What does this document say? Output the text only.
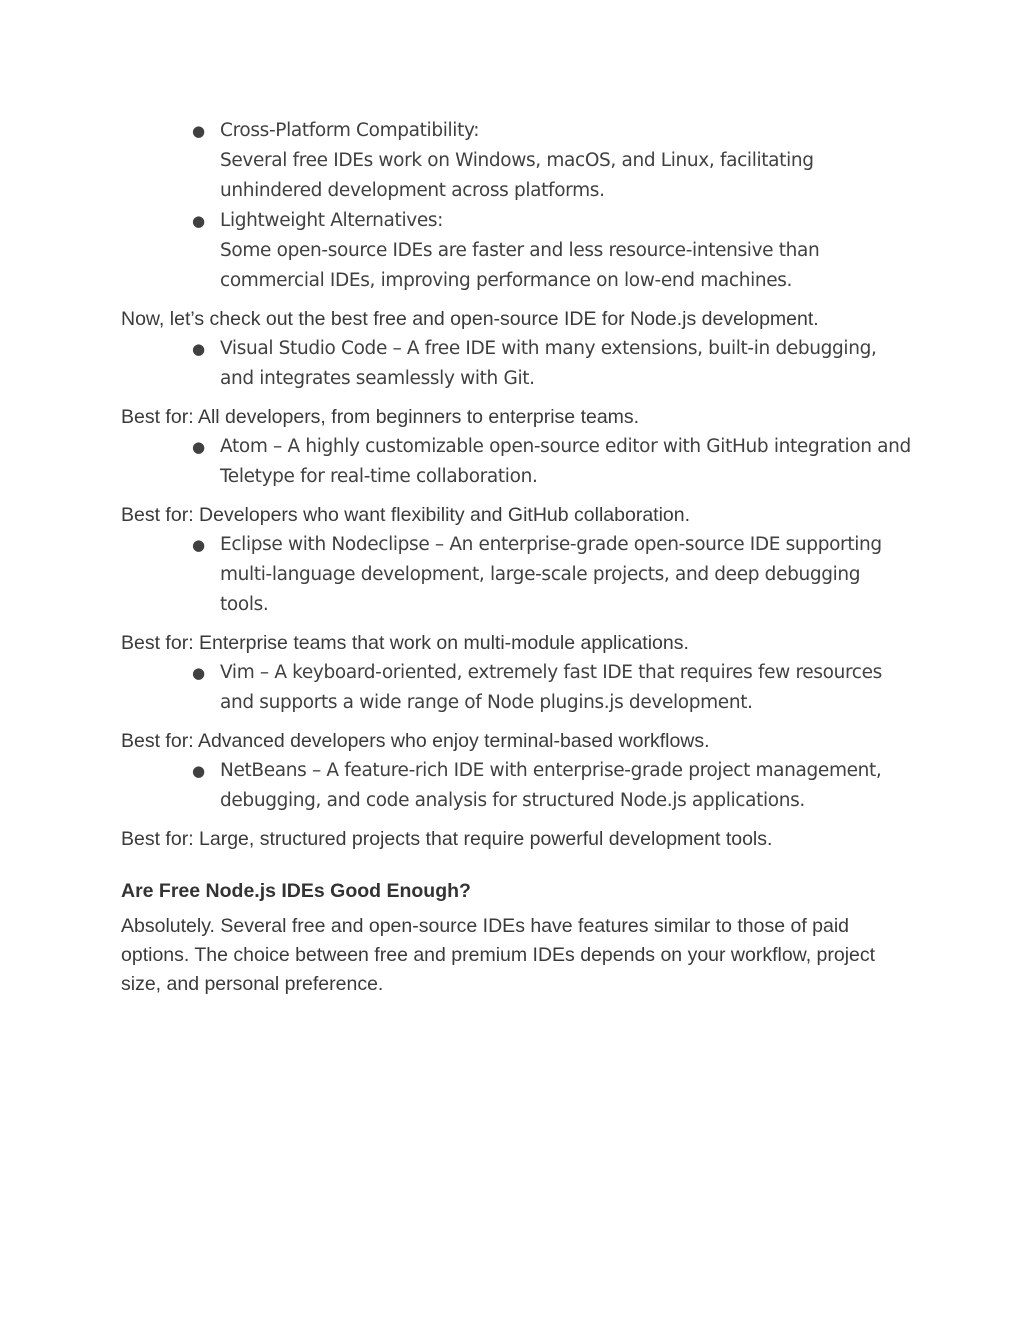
● Cross-Platform Compatibility:
Several free IDEs work on Windows, macOS, and Linux, facilitating unhindered development across platforms.
● Lightweight Alternatives:
Some open-source IDEs are faster and less resource-intensive than commercial IDEs, improving performance on low-end machines.

Now, let’s check out the best free and open-source IDE for Node.js development.

● Visual Studio Code – A free IDE with many extensions, built-in debugging, and integrates seamlessly with Git.

Best for: All developers, from beginners to enterprise teams.

● Atom – A highly customizable open-source editor with GitHub integration and Teletype for real-time collaboration.

Best for: Developers who want flexibility and GitHub collaboration.

● Eclipse with Nodeclipse – An enterprise-grade open-source IDE supporting multi-language development, large-scale projects, and deep debugging tools.

Best for: Enterprise teams that work on multi-module applications.

● Vim – A keyboard-oriented, extremely fast IDE that requires few resources and supports a wide range of Node plugins.js development.

Best for: Advanced developers who enjoy terminal-based workflows.

● NetBeans – A feature-rich IDE with enterprise-grade project management, debugging, and code analysis for structured Node.js applications.

Best for: Large, structured projects that require powerful development tools.

Are Free Node.js IDEs Good Enough?

Absolutely. Several free and open-source IDEs have features similar to those of paid options. The choice between free and premium IDEs depends on your workflow, project size, and personal preference.
